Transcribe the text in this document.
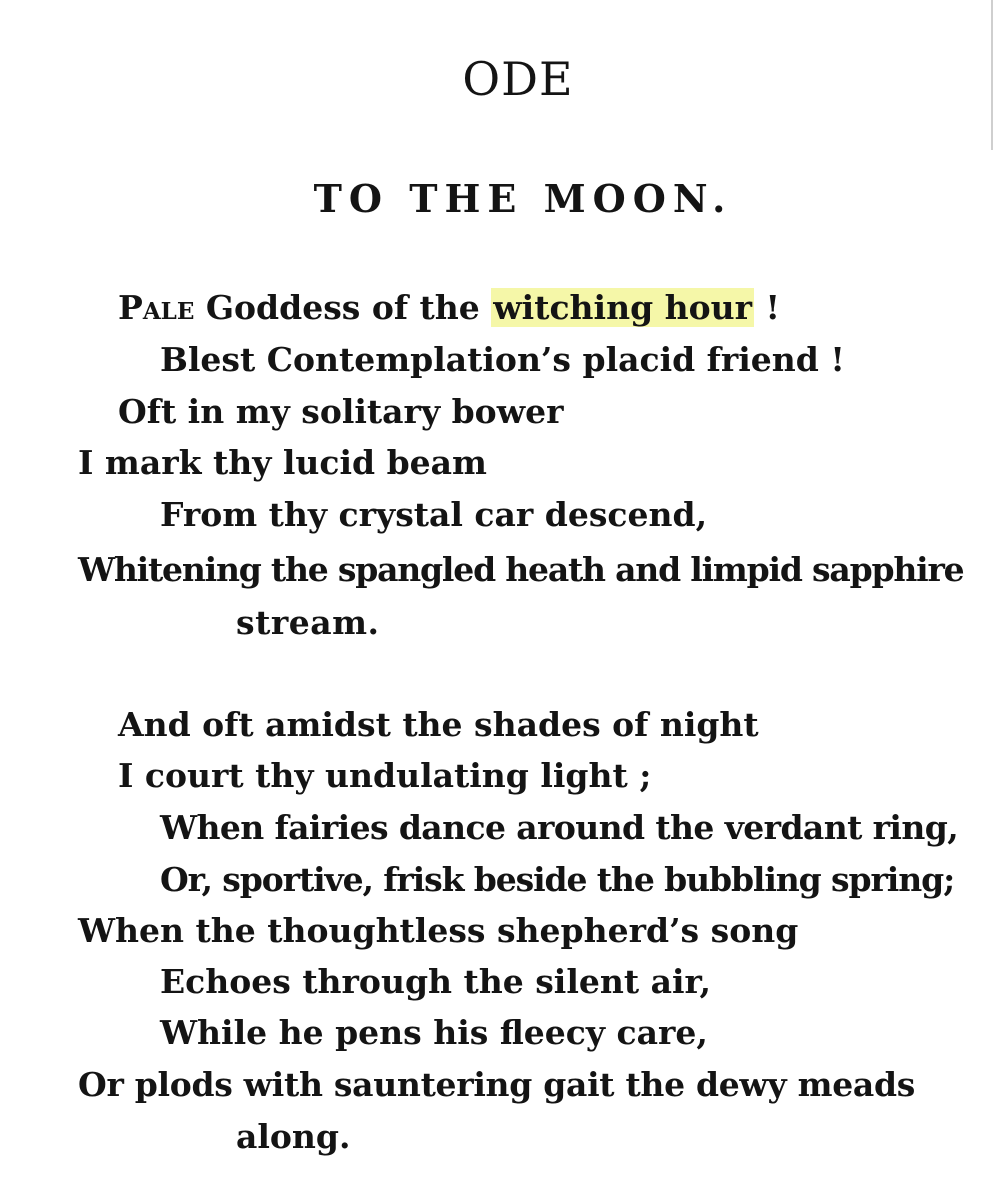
ODE
TO THE MOON.

Pale Goddess of the witching hour !

Blest Contemplation’s placid friend !

Oft in my solitary bower

I mark thy lucid beam

From thy crystal car descend,

Whitening the spangled heath and limpid sapphire

stream.

And oft amidst the shades of night

I court thy undulating light ;

When fairies dance around the verdant ring,

Or, sportive, frisk beside the bubbling spring;

When the thoughtless shepherd’s song

Echoes through the silent air,

While he pens his fleecy care,

Or plods with sauntering gait the dewy meads

along.
